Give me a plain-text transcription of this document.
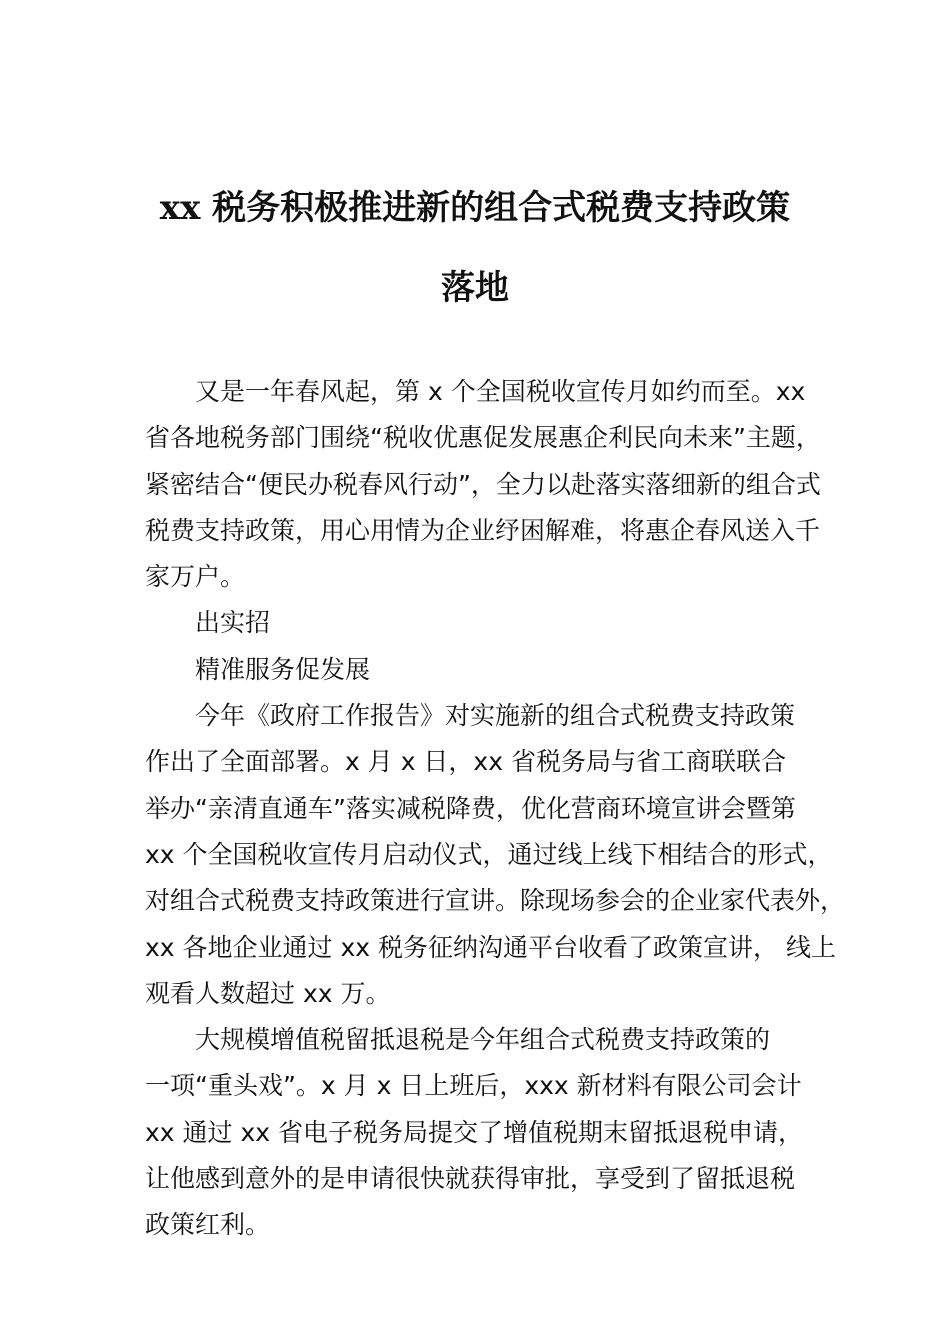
xx 税务积极推进新的组合式税费支持政策
落地
又是一年春风起，第 x 个全国税收宣传月如约而至。xx
省各地税务部门围绕“税收优惠促发展惠企利民向未来”主题，
紧密结合“便民办税春风行动”，全力以赴落实落细新的组合式
税费支持政策，用心用情为企业纾困解难，将惠企春风送入千
家万户。
出实招
精准服务促发展
今年《政府工作报告》对实施新的组合式税费支持政策
作出了全面部署。x 月 x 日，xx 省税务局与省工商联联合
举办“亲清直通车”落实减税降费，优化营商环境宣讲会暨第
xx 个全国税收宣传月启动仪式，通过线上线下相结合的形式，
对组合式税费支持政策进行宣讲。除现场参会的企业家代表外，
xx 各地企业通过 xx 税务征纳沟通平台收看了政策宣讲， 线上
观看人数超过 xx 万。
大规模增值税留抵退税是今年组合式税费支持政策的
一项“重头戏”。x 月 x 日上班后，xxx 新材料有限公司会计
xx 通过 xx 省电子税务局提交了增值税期末留抵退税申请，
让他感到意外的是申请很快就获得审批，享受到了留抵退税
政策红利。
